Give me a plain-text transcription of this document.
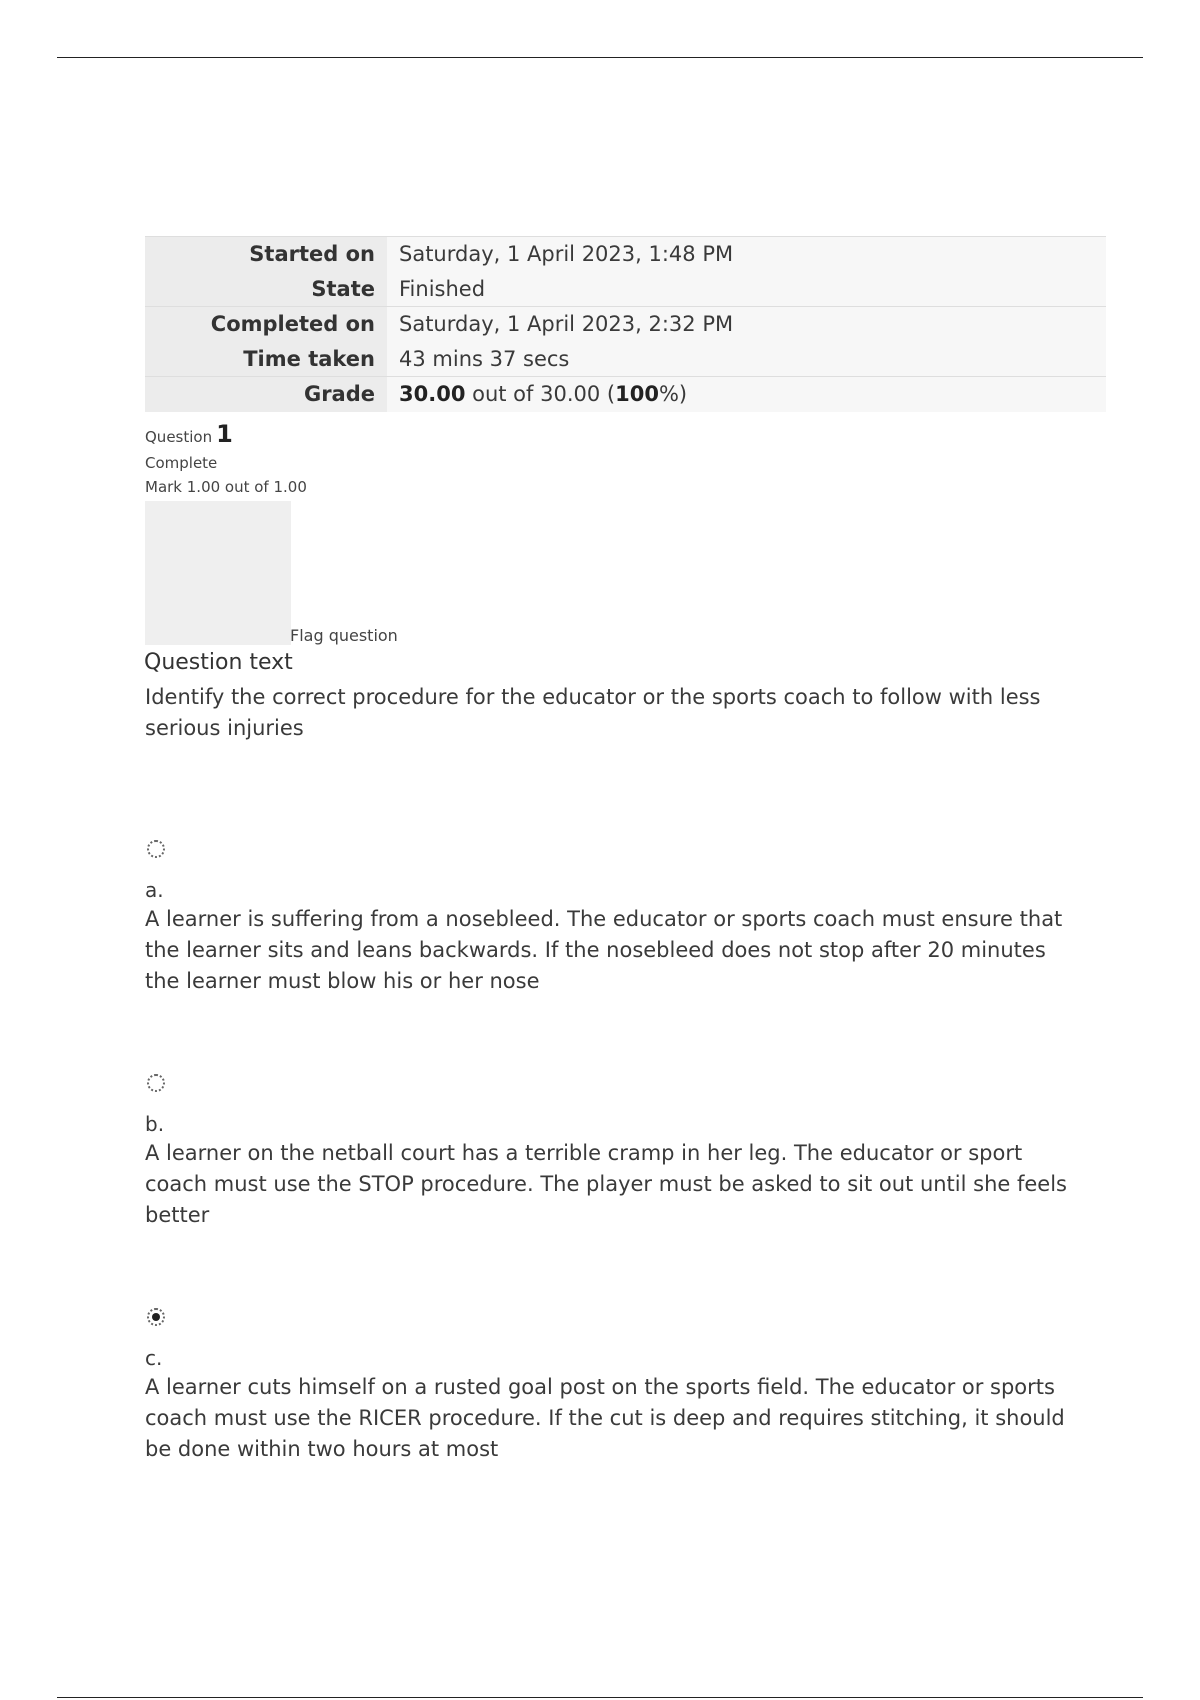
Started on	Saturday, 1 April 2023, 1:48 PM
State	Finished
Completed on	Saturday, 1 April 2023, 2:32 PM
Time taken	43 mins 37 secs
Grade	30.00 out of 30.00 (100%)
Question 1
Complete
Mark 1.00 out of 1.00
Flag question
Question text
Identify the correct procedure for the educator or the sports coach to follow with less serious injuries
a.
A learner is suffering from a nosebleed. The educator or sports coach must ensure that the learner sits and leans backwards. If the nosebleed does not stop after 20 minutes the learner must blow his or her nose
b.
A learner on the netball court has a terrible cramp in her leg. The educator or sport coach must use the STOP procedure. The player must be asked to sit out until she feels better
c.
A learner cuts himself on a rusted goal post on the sports field. The educator or sports coach must use the RICER procedure. If the cut is deep and requires stitching, it should be done within two hours at most
